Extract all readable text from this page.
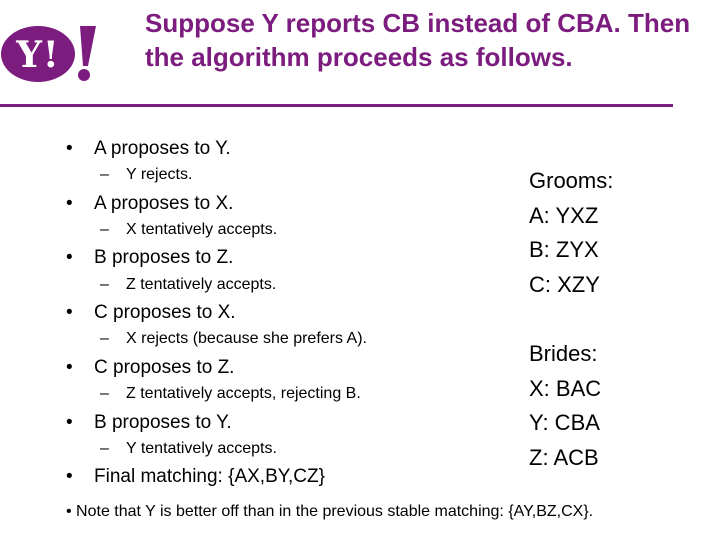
Y!
Suppose Y reports CB instead of CBA. Then the algorithm proceeds as follows.
• A proposes to Y.
– Y rejects.
• A proposes to X.
– X tentatively accepts.
• B proposes to Z.
– Z tentatively accepts.
• C proposes to X.
– X rejects (because she prefers A).
• C proposes to Z.
– Z tentatively accepts, rejecting B.
• B proposes to Y.
– Y tentatively accepts.
• Final matching: {AX,BY,CZ}
Grooms:
A: YXZ
B: ZYX
C: XZY
Brides:
X: BAC
Y: CBA
Z: ACB
• Note that Y is better off than in the previous stable matching: {AY,BZ,CX}.
